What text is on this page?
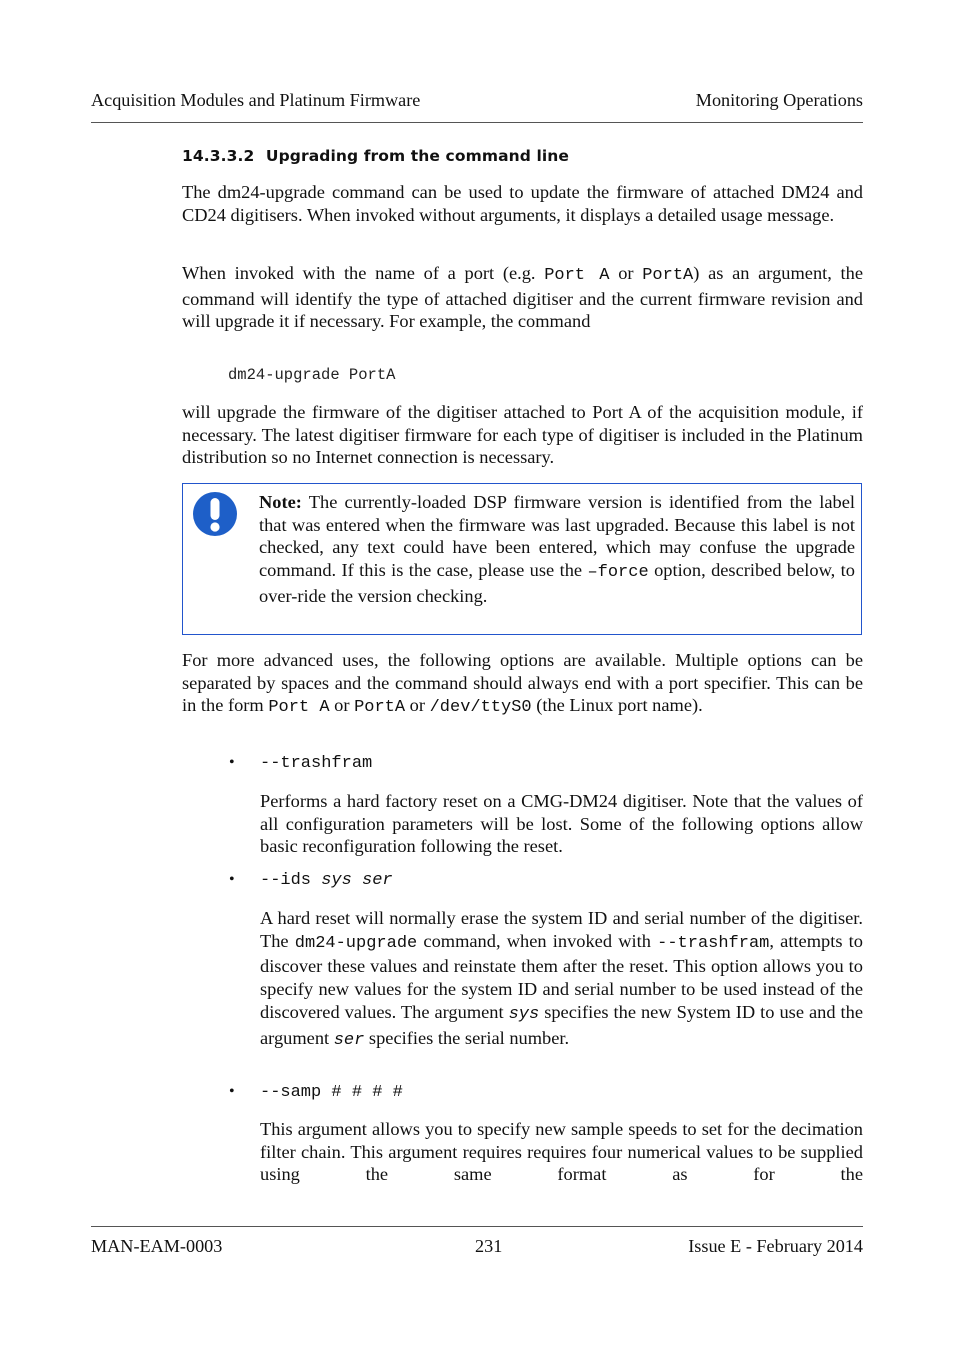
Acquisition Modules and Platinum Firmware	Monitoring Operations
14.3.3.2 Upgrading from the command line

The dm24-upgrade command can be used to update the firmware of attached DM24 and CD24 digitisers. When invoked without arguments, it displays a detailed usage message.

When invoked with the name of a port (e.g. Port A or PortA) as an argument, the command will identify the type of attached digitiser and the current firmware revision and will upgrade it if necessary. For example, the command

dm24-upgrade PortA

will upgrade the firmware of the digitiser attached to Port A of the acquisition module, if necessary. The latest digitiser firmware for each type of digitiser is included in the Platinum distribution so no Internet connection is necessary.

Note: The currently-loaded DSP firmware version is identified from the label that was entered when the firmware was last upgraded. Because this label is not checked, any text could have been entered, which may confuse the upgrade command. If this is the case, please use the –force option, described below, to over-ride the version checking.

For more advanced uses, the following options are available. Multiple options can be separated by spaces and the command should always end with a port specifier. This can be in the form Port A or PortA or /dev/ttyS0 (the Linux port name).

• --trashfram

Performs a hard factory reset on a CMG-DM24 digitiser. Note that the values of all configuration parameters will be lost. Some of the following options allow basic reconfiguration following the reset.

• --ids sys ser

A hard reset will normally erase the system ID and serial number of the digitiser. The dm24-upgrade command, when invoked with --trashfram, attempts to discover these values and reinstate them after the reset. This option allows you to specify new values for the system ID and serial number to be used instead of the discovered values. The argument sys specifies the new System ID to use and the argument ser specifies the serial number.

• --samp # # # #

This argument allows you to specify new sample speeds to set for the decimation filter chain. This argument requires requires four numerical values to be supplied using the same format as for the

MAN-EAM-0003	231	Issue E - February 2014
